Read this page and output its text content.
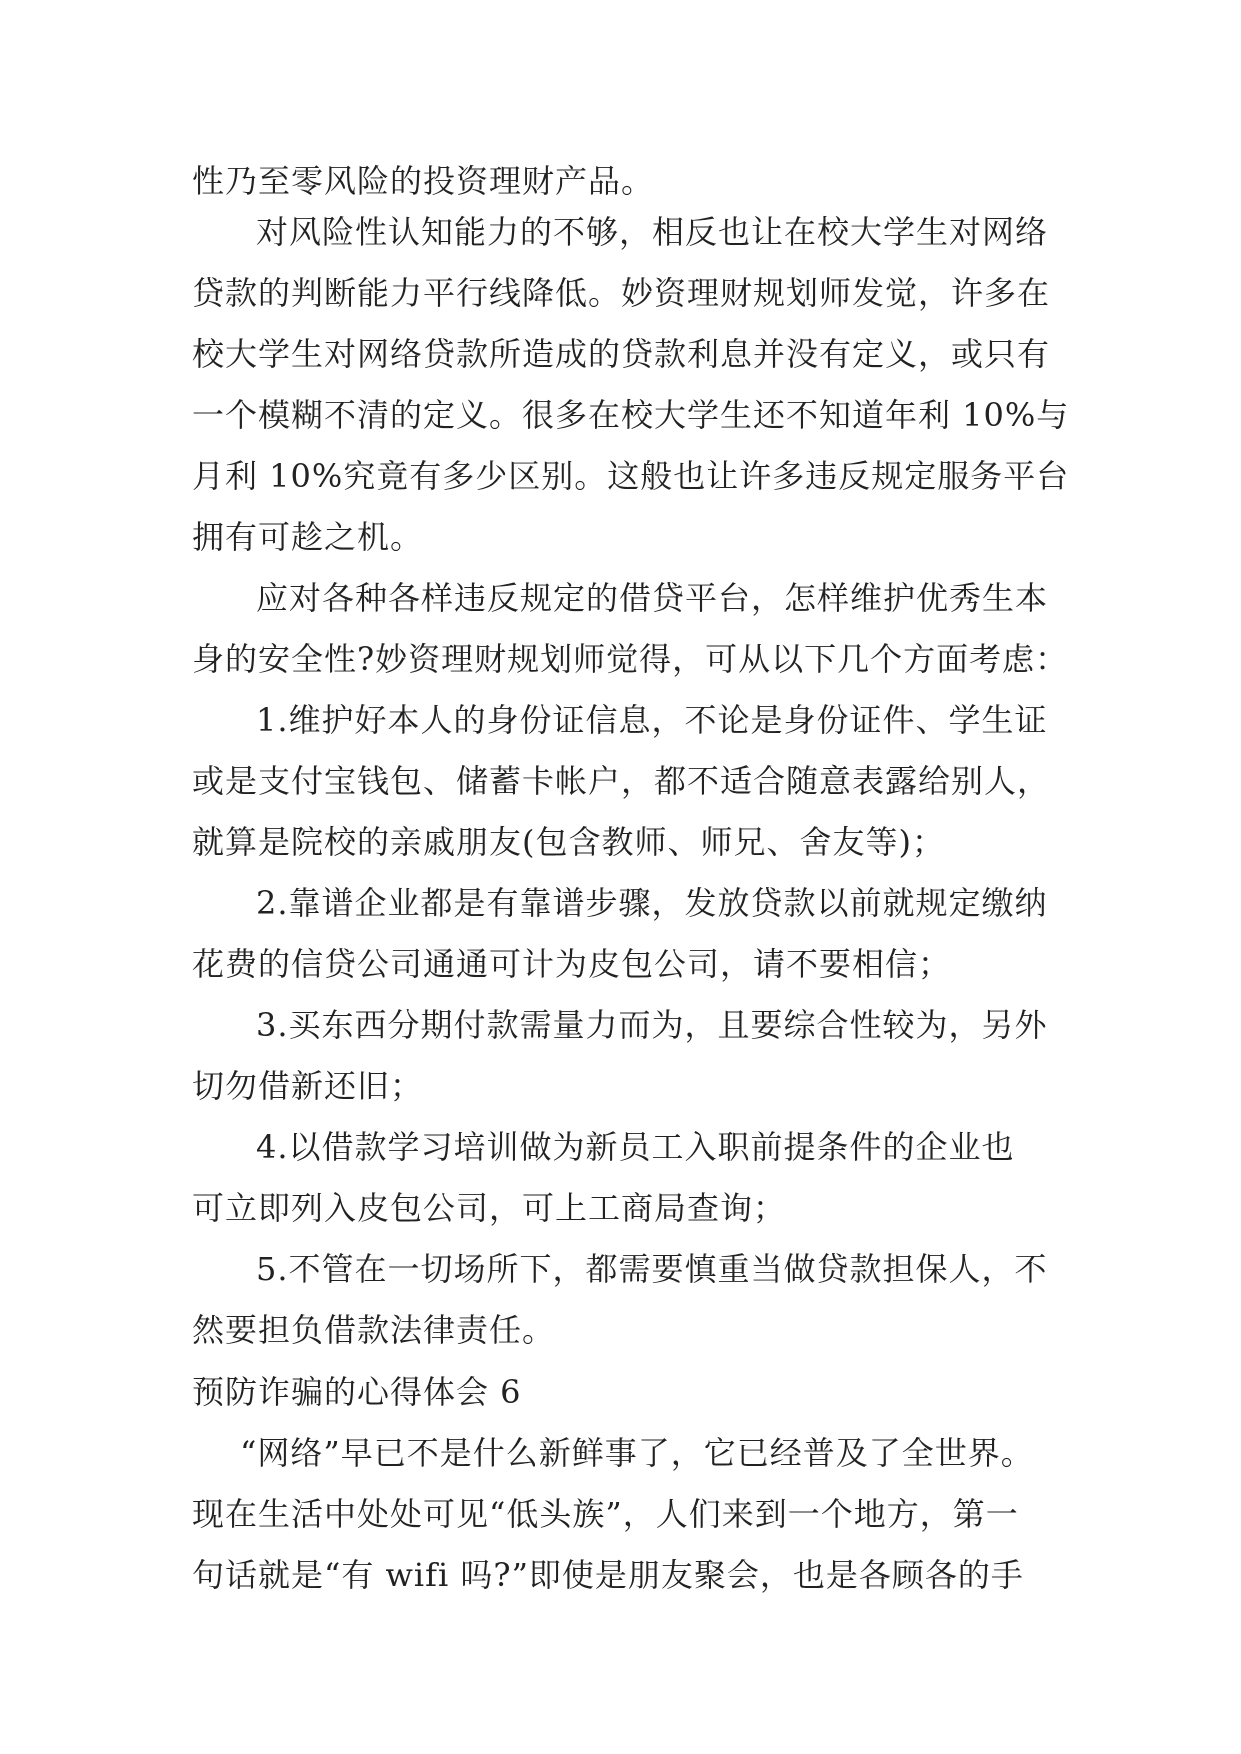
性乃至零风险的投资理财产品。
对风险性认知能力的不够，相反也让在校大学生对网络
贷款的判断能力平行线降低。妙资理财规划师发觉，许多在
校大学生对网络贷款所造成的贷款利息并没有定义，或只有
一个模糊不清的定义。很多在校大学生还不知道年利 10%与
月利 10%究竟有多少区别。这般也让许多违反规定服务平台
拥有可趁之机。
应对各种各样违反规定的借贷平台，怎样维护优秀生本
身的安全性?妙资理财规划师觉得，可从以下几个方面考虑：
1.维护好本人的身份证信息，不论是身份证件、学生证
或是支付宝钱包、储蓄卡帐户，都不适合随意表露给别人，
就算是院校的亲戚朋友(包含教师、师兄、舍友等)；
2.靠谱企业都是有靠谱步骤，发放贷款以前就规定缴纳
花费的信贷公司通通可计为皮包公司，请不要相信；
3.买东西分期付款需量力而为，且要综合性较为，另外
切勿借新还旧；
4.以借款学习培训做为新员工入职前提条件的企业也
可立即列入皮包公司，可上工商局查询；
5.不管在一切场所下，都需要慎重当做贷款担保人，不
然要担负借款法律责任。
预防诈骗的心得体会 6
“网络”早已不是什么新鲜事了，它已经普及了全世界。
现在生活中处处可见“低头族”，人们来到一个地方，第一
句话就是“有 wifi 吗?”即使是朋友聚会，也是各顾各的手
